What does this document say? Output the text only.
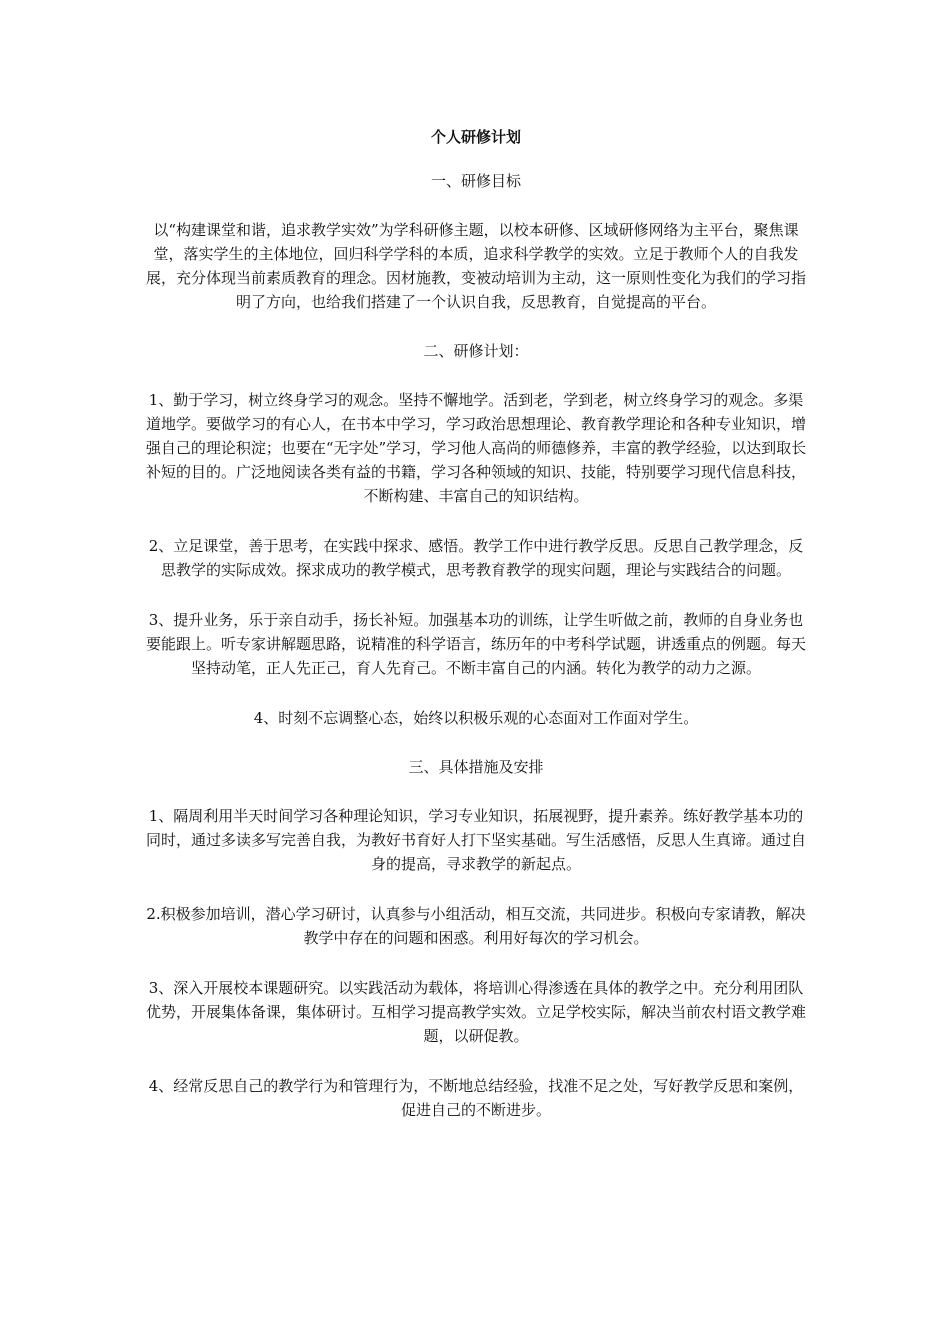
个人研修计划
一、研修目标
以“构建课堂和谐，追求教学实效”为学科研修主题，以校本研修、区域研修网络为主平台，聚焦课堂，落实学生的主体地位，回归科学学科的本质，追求科学教学的实效。立足于教师个人的自我发展，充分体现当前素质教育的理念。因材施教，变被动培训为主动，这一原则性变化为我们的学习指明了方向，也给我们搭建了一个认识自我，反思教育，自觉提高的平台。
二、研修计划：
1、勤于学习，树立终身学习的观念。坚持不懈地学。活到老，学到老，树立终身学习的观念。多渠道地学。要做学习的有心人，在书本中学习，学习政治思想理论、教育教学理论和各种专业知识，增强自己的理论积淀；也要在“无字处”学习，学习他人高尚的师德修养，丰富的教学经验，以达到取长补短的目的。广泛地阅读各类有益的书籍，学习各种领域的知识、技能，特别要学习现代信息科技，不断构建、丰富自己的知识结构。
2、立足课堂，善于思考，在实践中探求、感悟。教学工作中进行教学反思。反思自己教学理念，反思教学的实际成效。探求成功的教学模式，思考教育教学的现实问题，理论与实践结合的问题。
3、提升业务，乐于亲自动手，扬长补短。加强基本功的训练，让学生听做之前，教师的自身业务也要能跟上。听专家讲解题思路，说精准的科学语言，练历年的中考科学试题，讲透重点的例题。每天坚持动笔，正人先正己，育人先育己。不断丰富自己的内涵。转化为教学的动力之源。
4、时刻不忘调整心态，始终以积极乐观的心态面对工作面对学生。
三、具体措施及安排
1、隔周利用半天时间学习各种理论知识，学习专业知识，拓展视野，提升素养。练好教学基本功的同时，通过多读多写完善自我，为教好书育好人打下坚实基础。写生活感悟，反思人生真谛。通过自身的提高，寻求教学的新起点。
2.积极参加培训，潜心学习研讨，认真参与小组活动，相互交流，共同进步。积极向专家请教，解决教学中存在的问题和困惑。利用好每次的学习机会。
3、深入开展校本课题研究。以实践活动为载体，将培训心得渗透在具体的教学之中。充分利用团队优势，开展集体备课，集体研讨。互相学习提高教学实效。立足学校实际，解决当前农村语文教学难题，以研促教。
4、经常反思自己的教学行为和管理行为，不断地总结经验，找准不足之处，写好教学反思和案例，促进自己的不断进步。
